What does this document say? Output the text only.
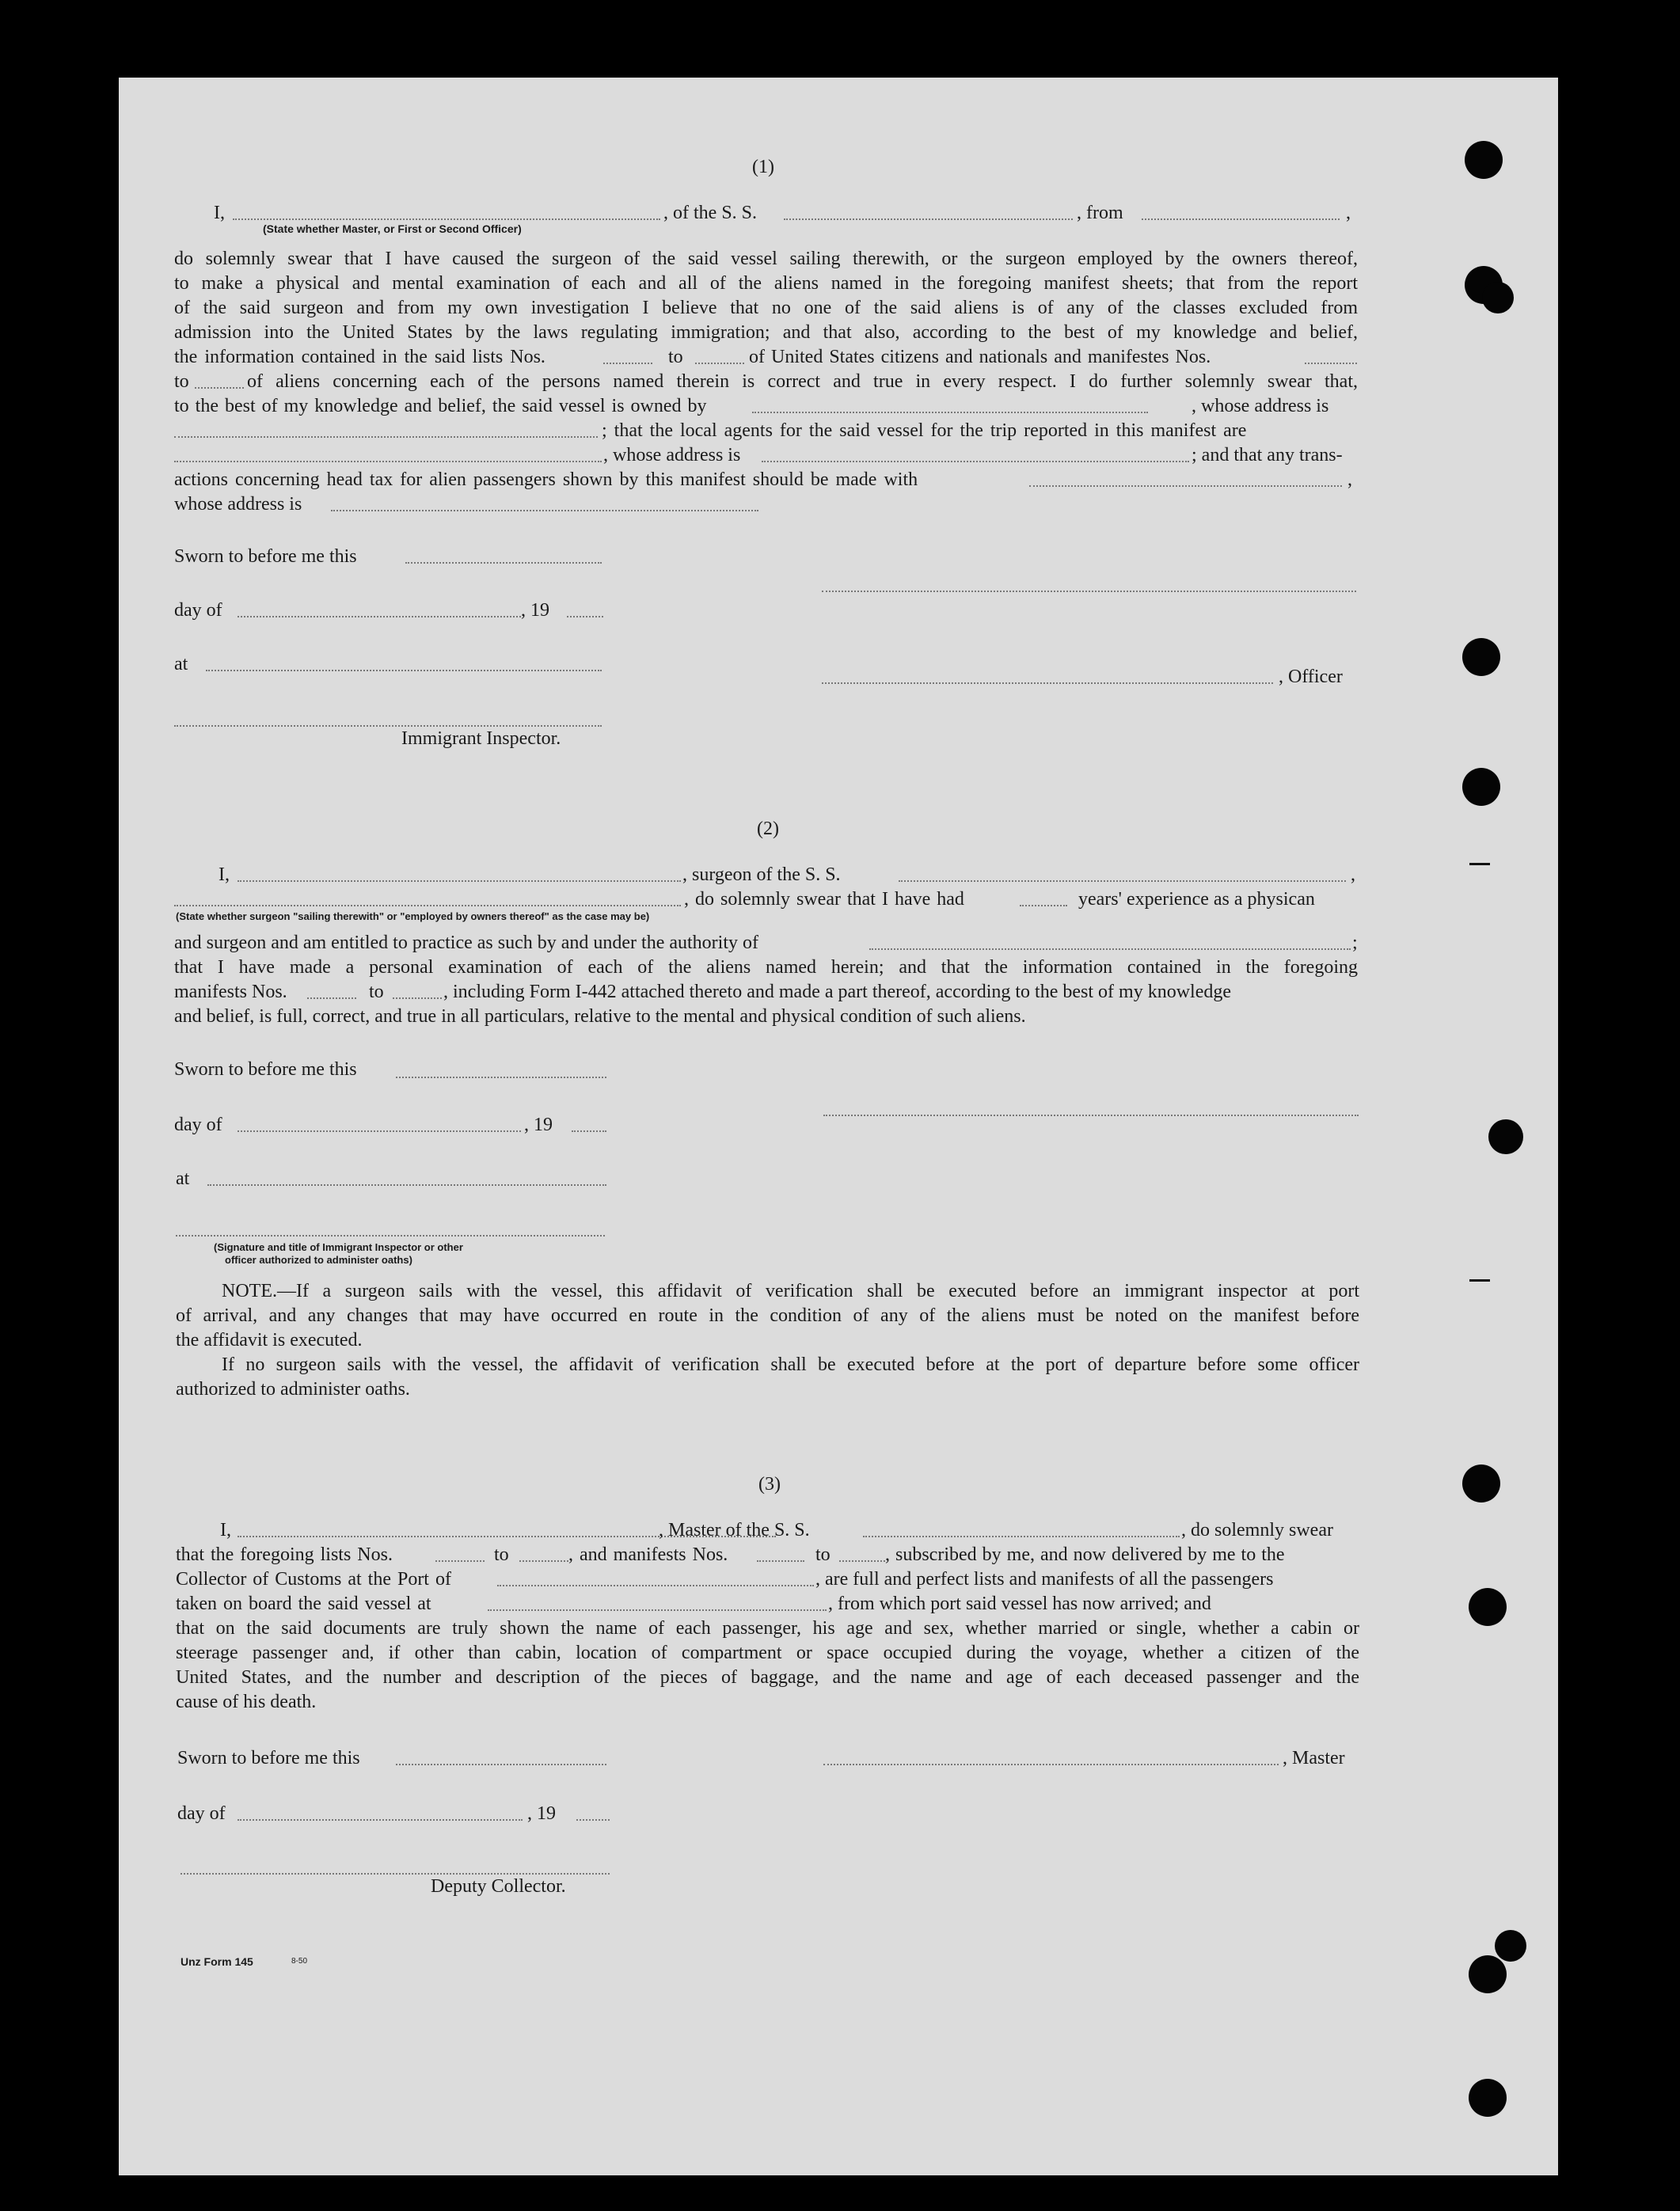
(1)
I,
(State whether Master, or First or Second Officer)
, of the S. S.	, from	,
do solemnly swear that I have caused the surgeon of the said vessel sailing therewith, or the surgeon employed by the owners thereof,
to make a physical and mental examination of each and all of the aliens named in the foregoing manifest sheets; that from the report
of the said surgeon and from my own investigation I believe that no one of the said aliens is of any of the classes excluded from
admission into the United States by the laws regulating immigration; and that also, according to the best of my knowledge and belief,
the information contained in the said lists Nos.	to	of United States citizens and nationals and manifestes Nos.
to	of aliens concerning each of the persons named therein is correct and true in every respect. I do further solemnly swear that,
to the best of my knowledge and belief, the said vessel is owned by	, whose address is
; that the local agents for the said vessel for the trip reported in this manifest are
, whose address is	; and that any trans-
actions concerning head tax for alien passengers shown by this manifest should be made with	,
whose address is
Sworn to before me this
day of	, 19
at
, Officer
Immigrant Inspector.
(2)
I,	, surgeon of the S. S.	,
, do solemnly swear that I have had	years' experience as a physican
(State whether surgeon "sailing therewith" or "employed by owners thereof" as the case may be)
and surgeon and am entitled to practice as such by and under the authority of	;
that I have made a personal examination of each of the aliens named herein; and that the information contained in the foregoing
manifests Nos.	to	, including Form I-442 attached thereto and made a part thereof, according to the best of my knowledge
and belief, is full, correct, and true in all particulars, relative to the mental and physical condition of such aliens.
Sworn to before me this
day of	, 19
at
(Signature and title of Immigrant Inspector or other
officer authorized to administer oaths)
NOTE.—If a surgeon sails with the vessel, this affidavit of verification shall be executed before an immigrant inspector at port
of arrival, and any changes that may have occurred en route in the condition of any of the aliens must be noted on the manifest before
the affidavit is executed.
If no surgeon sails with the vessel, the affidavit of verification shall be executed before at the port of departure before some officer
authorized to administer oaths.
(3)
I,	, Master of the S. S.	, do solemnly swear
that the foregoing lists Nos.	to	, and manifests Nos.	to	, subscribed by me, and now delivered by me to the
Collector of Customs at the Port of	, are full and perfect lists and manifests of all the passengers
taken on board the said vessel at	, from which port said vessel has now arrived; and
that on the said documents are truly shown the name of each passenger, his age and sex, whether married or single, whether a cabin or
steerage passenger and, if other than cabin, location of compartment or space occupied during the voyage, whether a citizen of the
United States, and the number and description of the pieces of baggage, and the name and age of each deceased passenger and the
cause of his death.
Sworn to before me this	, Master
day of	, 19
Deputy Collector.
Unz Form 145	8-50
